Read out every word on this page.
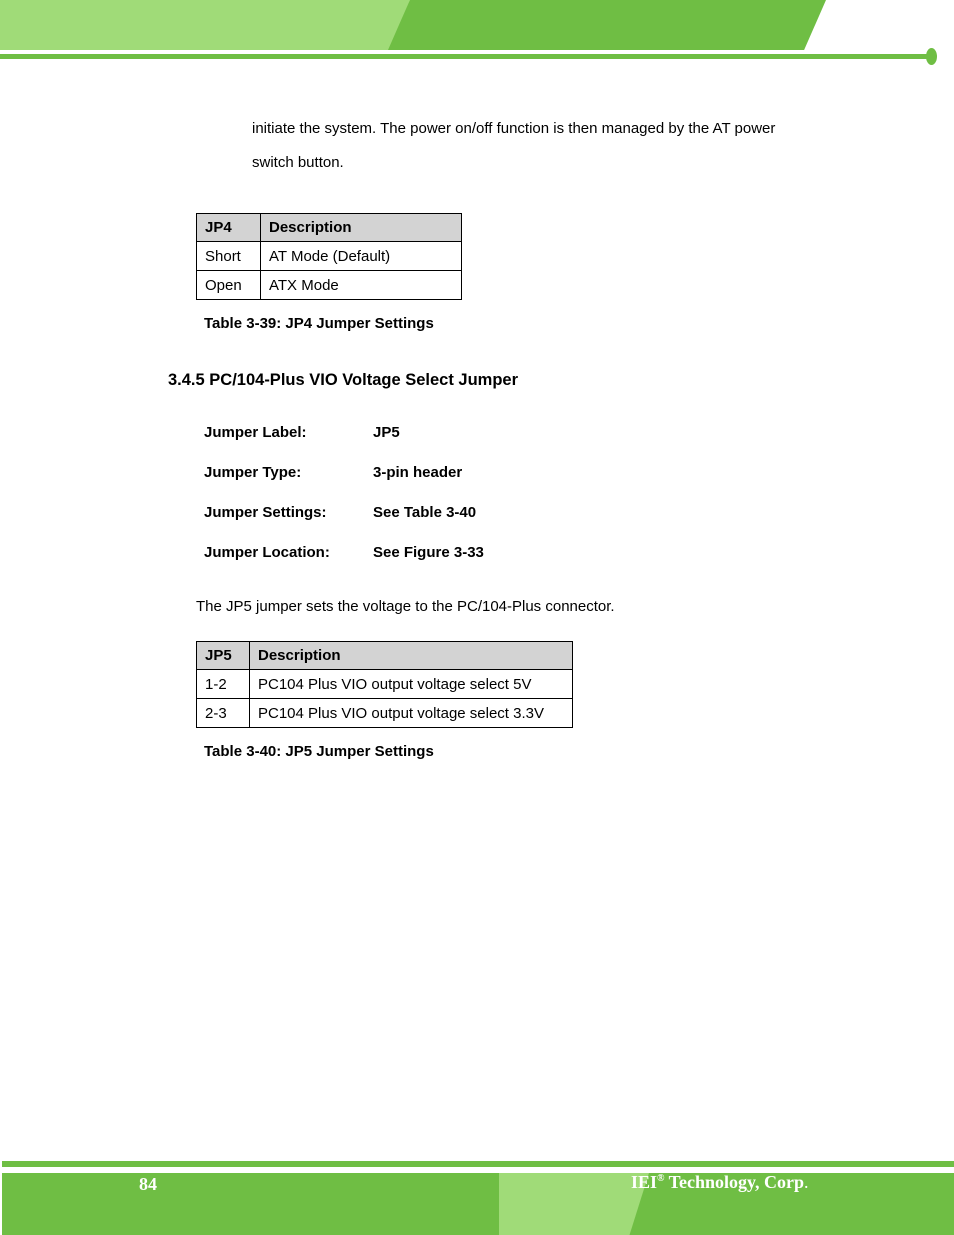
initiate the system. The power on/off function is then managed by the AT power
switch button.
JP4	Description
Short	AT Mode (Default)
Open	ATX Mode
Table 3-39: JP4 Jumper Settings
3.4.5 PC/104-Plus VIO Voltage Select Jumper
Jumper Label:	JP5
Jumper Type:	3-pin header
Jumper Settings:	See Table 3-40
Jumper Location:	See Figure 3-33
The JP5 jumper sets the voltage to the PC/104-Plus connector.
JP5	Description
1-2	PC104 Plus VIO output voltage select 5V
2-3	PC104 Plus VIO output voltage select 3.3V
Table 3-40: JP5 Jumper Settings
84	IEI® Technology, Corp.
